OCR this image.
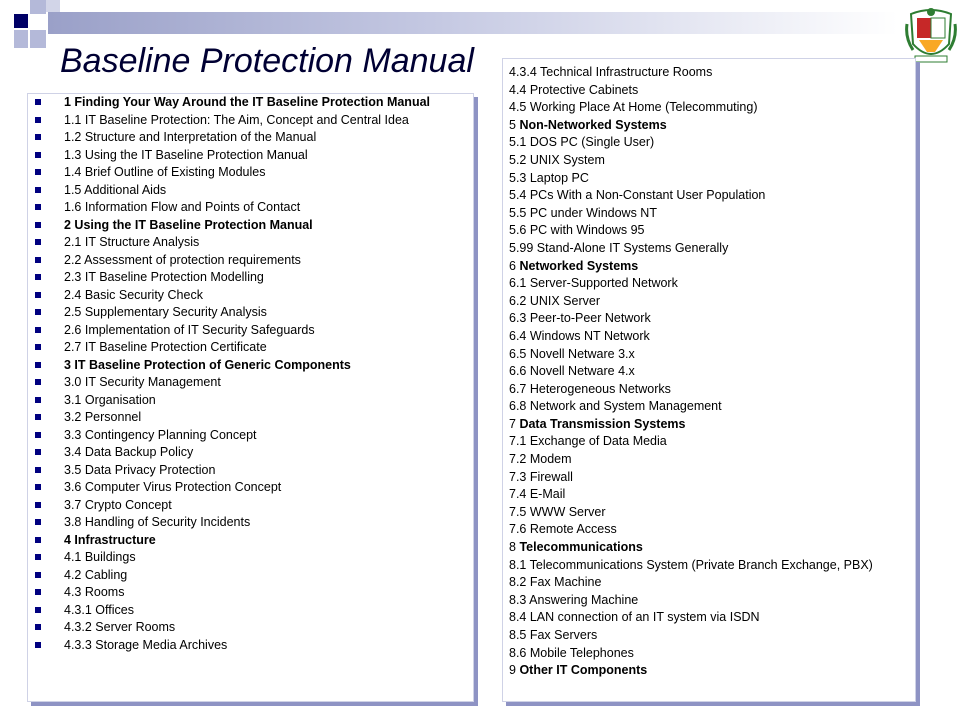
Baseline Protection Manual
1 Finding Your Way Around the IT Baseline Protection Manual
1.1 IT Baseline Protection: The Aim, Concept and Central Idea
1.2 Structure and Interpretation of the Manual
1.3 Using the IT Baseline Protection Manual
1.4 Brief Outline of Existing Modules
1.5 Additional Aids
1.6 Information Flow and Points of Contact
2 Using the IT Baseline Protection Manual
2.1 IT Structure Analysis
2.2 Assessment of protection requirements
2.3 IT Baseline Protection Modelling
2.4 Basic Security Check
2.5 Supplementary Security Analysis
2.6 Implementation of IT Security Safeguards
2.7 IT Baseline Protection Certificate
3 IT Baseline Protection of Generic Components
3.0 IT Security Management
3.1 Organisation
3.2 Personnel
3.3 Contingency Planning Concept
3.4 Data Backup Policy
3.5 Data Privacy Protection
3.6 Computer Virus Protection Concept
3.7 Crypto Concept
3.8 Handling of Security Incidents
4 Infrastructure
4.1 Buildings
4.2 Cabling
4.3 Rooms
4.3.1 Offices
4.3.2 Server Rooms
4.3.3 Storage Media Archives
4.3.4 Technical Infrastructure Rooms
4.4 Protective Cabinets
4.5 Working Place At Home (Telecommuting)
5 Non-Networked Systems
5.1 DOS PC (Single User)
5.2 UNIX System
5.3 Laptop PC
5.4 PCs With a Non-Constant User Population
5.5 PC under Windows NT
5.6 PC with Windows 95
5.99 Stand-Alone IT Systems Generally
6 Networked Systems
6.1 Server-Supported Network
6.2 UNIX Server
6.3 Peer-to-Peer Network
6.4 Windows NT Network
6.5 Novell Netware 3.x
6.6 Novell Netware 4.x
6.7 Heterogeneous Networks
6.8 Network and System Management
7 Data Transmission Systems
7.1 Exchange of Data Media
7.2 Modem
7.3 Firewall
7.4 E-Mail
7.5 WWW Server
7.6 Remote Access
8 Telecommunications
8.1 Telecommunications System (Private Branch Exchange, PBX)
8.2 Fax Machine
8.3 Answering Machine
8.4 LAN connection of an IT system via ISDN
8.5 Fax Servers
8.6 Mobile Telephones
9 Other IT Components
